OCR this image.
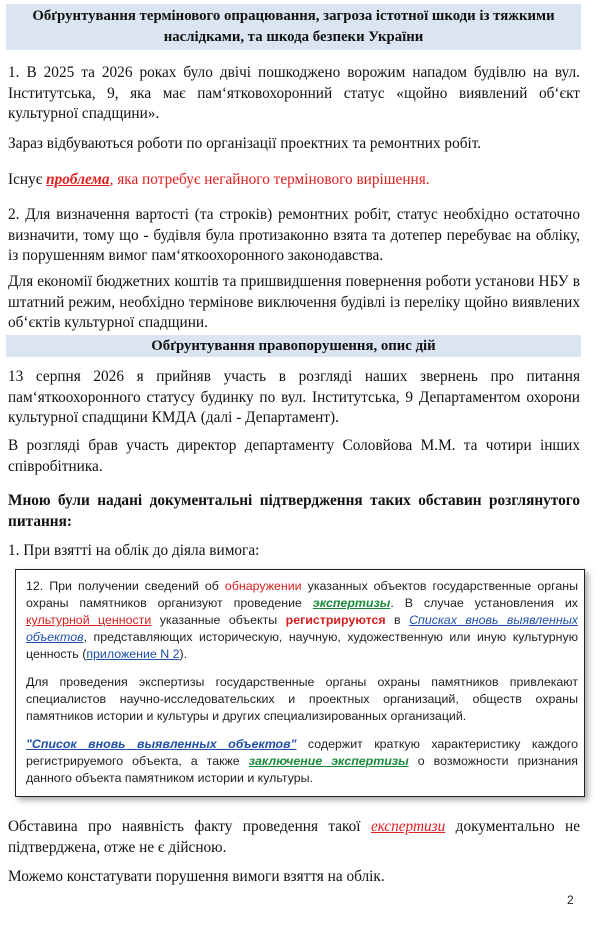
Обґрунтування термінового опрацювання, загроза істотної шкоди із тяжкими наслідками, та шкода безпеки України

1. В 2025 та 2026 роках було двічі пошкоджено ворожим нападом будівлю на вул. Інститутська, 9, яка має пам‘ятковохоронний статус «щойно виявлений об‘єкт культурної спадщини».

Зараз відбуваються роботи по організації проектних та ремонтних робіт.

Існує проблема, яка потребує негайного термінового вирішення.

2. Для визначення вартості (та строків) ремонтних робіт, статус необхідно остаточно визначити, тому що - будівля була протизаконно взята та дотепер перебуває на обліку, із порушенням вимог пам‘яткоохоронного законодавства.

Для економії бюджетних коштів та пришвидшення повернення роботи установи НБУ в штатний режим, необхідно термінове виключення будівлі із переліку щойно виявлених об‘єктів культурної спадщини.

Обґрунтування правопорушення, опис дій

13 серпня 2026 я прийняв участь в розгляді наших звернень про питання пам‘яткоохоронного статусу будинку по вул. Інститутська, 9 Департаментом охорони культурної спадщини КМДА (далі - Департамент).

В розгляді брав участь директор департаменту Соловйова М.М. та чотири інших співробітника.

Мною були надані документальні підтвердження таких обставин розглянутого питання:

1. При взятті на облік до діяла вимога:

12. При получении сведений об обнаружении указанных объектов государственные органы охраны памятников организуют проведение экспертизы. В случае установления их культурной ценности указанные объекты регистрируются в Списках вновь выявленных объектов, представляющих историческую, научную, художественную или иную культурную ценность (приложение N 2).

Для проведения экспертизы государственные органы охраны памятников привлекают специалистов научно-исследовательских и проектных организаций, обществ охраны памятников истории и культуры и других специализированных организаций.

"Список вновь выявленных объектов" содержит краткую характеристику каждого регистрируемого объекта, а также заключение экспертизы о возможности признания данного объекта памятником истории и культуры.

Обставина про наявність факту проведення такої експертизи документально не підтверджена, отже не є дійсною.

Можемо констатувати порушення вимоги взяття на облік.

2
